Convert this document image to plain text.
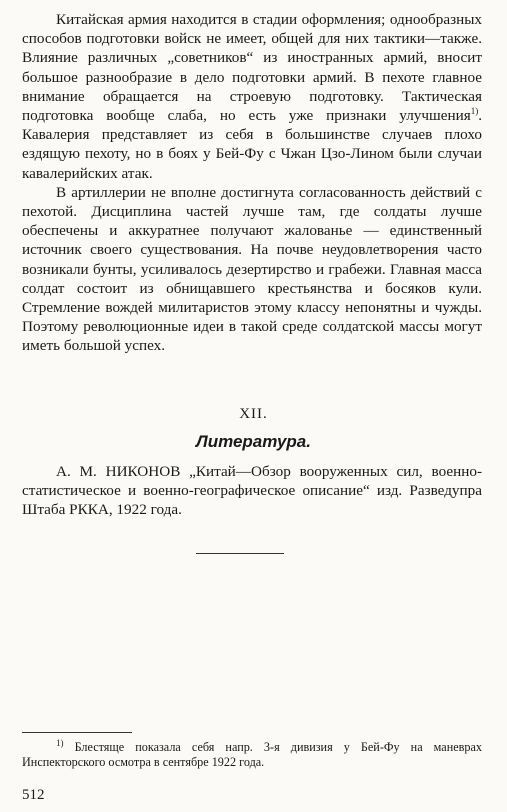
Китайская армия находится в стадии оформления; однообразных способов подготовки войск не имеет, общей для них тактики—также. Влияние различных „советников“ из иностранных армий, вносит большое разнообразие в дело подготовки армий. В пехоте главное внимание обращается на строевую подготовку. Тактическая подготовка вообще слаба, но есть уже признаки улучшения$^{1)}$. Кавалерия представляет из себя в большинстве случаев плохо ездящую пехоту, но в боях у Бей-Фу с Чжан Цзо-Лином были случаи кавалерийских атак.

В артиллерии не вполне достигнута согласованность действий с пехотой. Дисциплина частей лучше там, где солдаты лучше обеспечены и аккуратнее получают жалованье — единственный источник своего существования. На почве неудовлетворения часто возникали бунты, усиливалось дезертирство и грабежи. Главная масса солдат состоит из обнищавшего крестьянства и босяков кули. Стремление вождей милитаристов этому классу непонятны и чужды. Поэтому революционные идеи в такой среде солдатской массы могут иметь большой успех.

XII.
Литература.
А. М. НИКОНОВ „Китай—Обзор вооруженных сил, военно-статистическое и военно-географическое описание“ изд. Разведупра Штаба РККА, 1922 года.
$^{1)}$ Блестяще показала себя напр. 3-я дивизия у Бей-Фу на маневрах Инспекторского осмотра в сентябре 1922 года.
512
